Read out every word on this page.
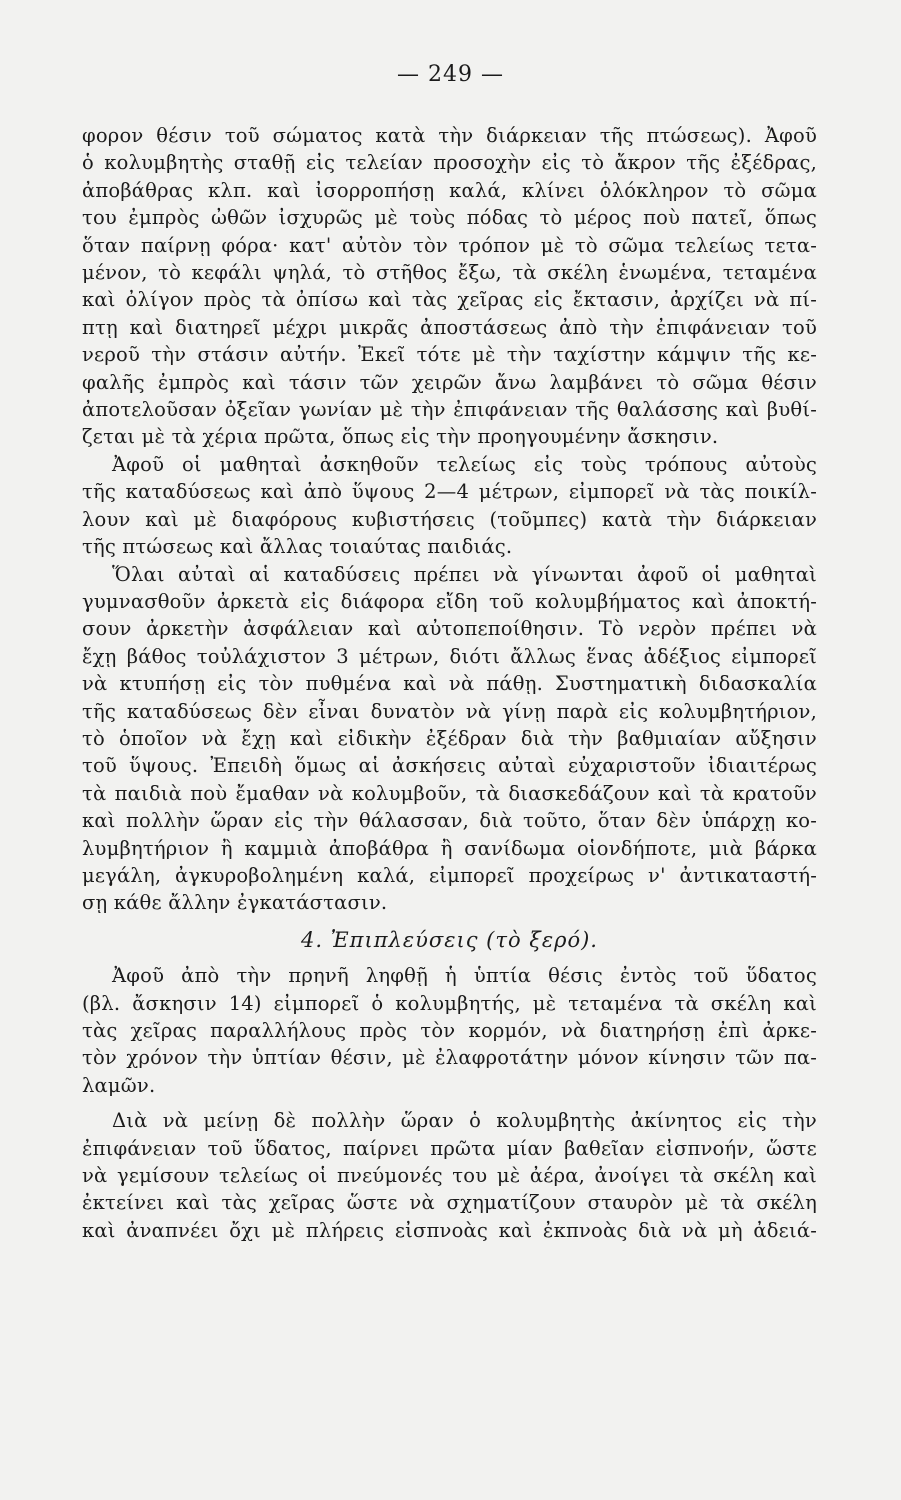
— 249 —
φορον θέσιν τοῦ σώματος κατὰ τὴν διάρκειαν τῆς πτώσεως). Ἀφοῦ
ὁ κολυμβητὴς σταθῇ εἰς τελείαν προσοχὴν εἰς τὸ ἄκρον τῆς ἐξέδρας,
ἀποβάθρας κλπ. καὶ ἰσορροπήσῃ καλά, κλίνει ὁλόκληρον τὸ σῶμα
του ἐμπρὸς ὠθῶν ἰσχυρῶς μὲ τοὺς πόδας τὸ μέρος ποὺ πατεῖ, ὅπως
ὅταν παίρνῃ φόρα· κατ' αὐτὸν τὸν τρόπον μὲ τὸ σῶμα τελείως τετα-
μένον, τὸ κεφάλι ψηλά, τὸ στῆθος ἔξω, τὰ σκέλη ἑνωμένα, τεταμένα
καὶ ὀλίγον πρὸς τὰ ὀπίσω καὶ τὰς χεῖρας εἰς ἔκτασιν, ἀρχίζει νὰ πί-
πτῃ καὶ διατηρεῖ μέχρι μικρᾶς ἀποστάσεως ἀπὸ τὴν ἐπιφάνειαν τοῦ
νεροῦ τὴν στάσιν αὐτήν. Ἐκεῖ τότε μὲ τὴν ταχίστην κάμψιν τῆς κε-
φαλῆς ἐμπρὸς καὶ τάσιν τῶν χειρῶν ἄνω λαμβάνει τὸ σῶμα θέσιν
ἀποτελοῦσαν ὀξεῖαν γωνίαν μὲ τὴν ἐπιφάνειαν τῆς θαλάσσης καὶ βυθί-
ζεται μὲ τὰ χέρια πρῶτα, ὅπως εἰς τὴν προηγουμένην ἄσκησιν.
Ἀφοῦ οἱ μαθηταὶ ἀσκηθοῦν τελείως εἰς τοὺς τρόπους αὐτοὺς
τῆς καταδύσεως καὶ ἀπὸ ὕψους 2—4 μέτρων, εἰμπορεῖ νὰ τὰς ποικίλ-
λουν καὶ μὲ διαφόρους κυβιστήσεις (τοῦμπες) κατὰ τὴν διάρκειαν
τῆς πτώσεως καὶ ἄλλας τοιαύτας παιδιάς.
Ὅλαι αὐταὶ αἱ καταδύσεις πρέπει νὰ γίνωνται ἀφοῦ οἱ μαθηταὶ
γυμνασθοῦν ἀρκετὰ εἰς διάφορα εἴδη τοῦ κολυμβήματος καὶ ἀποκτή-
σουν ἀρκετὴν ἀσφάλειαν καὶ αὐτοπεποίθησιν. Τὸ νερὸν πρέπει νὰ
ἔχῃ βάθος τοὐλάχιστον 3 μέτρων, διότι ἄλλως ἕνας ἀδέξιος εἰμπορεῖ
νὰ κτυπήσῃ εἰς τὸν πυθμένα καὶ νὰ πάθῃ. Συστηματικὴ διδασκαλία
τῆς καταδύσεως δὲν εἶναι δυνατὸν νὰ γίνῃ παρὰ εἰς κολυμβητήριον,
τὸ ὁποῖον νὰ ἔχῃ καὶ εἰδικὴν ἐξέδραν διὰ τὴν βαθμιαίαν αὔξησιν
τοῦ ὕψους. Ἐπειδὴ ὅμως αἱ ἀσκήσεις αὐταὶ εὐχαριστοῦν ἰδιαιτέρως
τὰ παιδιὰ ποὺ ἔμαθαν νὰ κολυμβοῦν, τὰ διασκεδάζουν καὶ τὰ κρατοῦν
καὶ πολλὴν ὥραν εἰς τὴν θάλασσαν, διὰ τοῦτο, ὅταν δὲν ὑπάρχῃ κο-
λυμβητήριον ἢ καμμιὰ ἀποβάθρα ἢ σανίδωμα οἱονδήποτε, μιὰ βάρκα
μεγάλη, ἀγκυροβολημένη καλά, εἰμπορεῖ προχείρως ν' ἀντικαταστή-
σῃ κάθε ἄλλην ἐγκατάστασιν.
4. Ἐπιπλεύσεις (τὸ ξερό).
Ἀφοῦ ἀπὸ τὴν πρηνῆ ληφθῇ ἡ ὑπτία θέσις ἐντὸς τοῦ ὕδατος
(βλ. ἄσκησιν 14) εἰμπορεῖ ὁ κολυμβητής, μὲ τεταμένα τὰ σκέλη καὶ
τὰς χεῖρας παραλλήλους πρὸς τὸν κορμόν, νὰ διατηρήσῃ ἐπὶ ἀρκε-
τὸν χρόνον τὴν ὑπτίαν θέσιν, μὲ ἐλαφροτάτην μόνον κίνησιν τῶν πα-
λαμῶν.
Διὰ νὰ μείνῃ δὲ πολλὴν ὥραν ὁ κολυμβητὴς ἀκίνητος εἰς τὴν
ἐπιφάνειαν τοῦ ὕδατος, παίρνει πρῶτα μίαν βαθεῖαν εἰσπνοήν, ὥστε
νὰ γεμίσουν τελείως οἱ πνεύμονές του μὲ ἀέρα, ἀνοίγει τὰ σκέλη καὶ
ἐκτείνει καὶ τὰς χεῖρας ὥστε νὰ σχηματίζουν σταυρὸν μὲ τὰ σκέλη
καὶ ἀναπνέει ὄχι μὲ πλήρεις εἰσπνοὰς καὶ ἐκπνοὰς διὰ νὰ μὴ ἀδειά-
